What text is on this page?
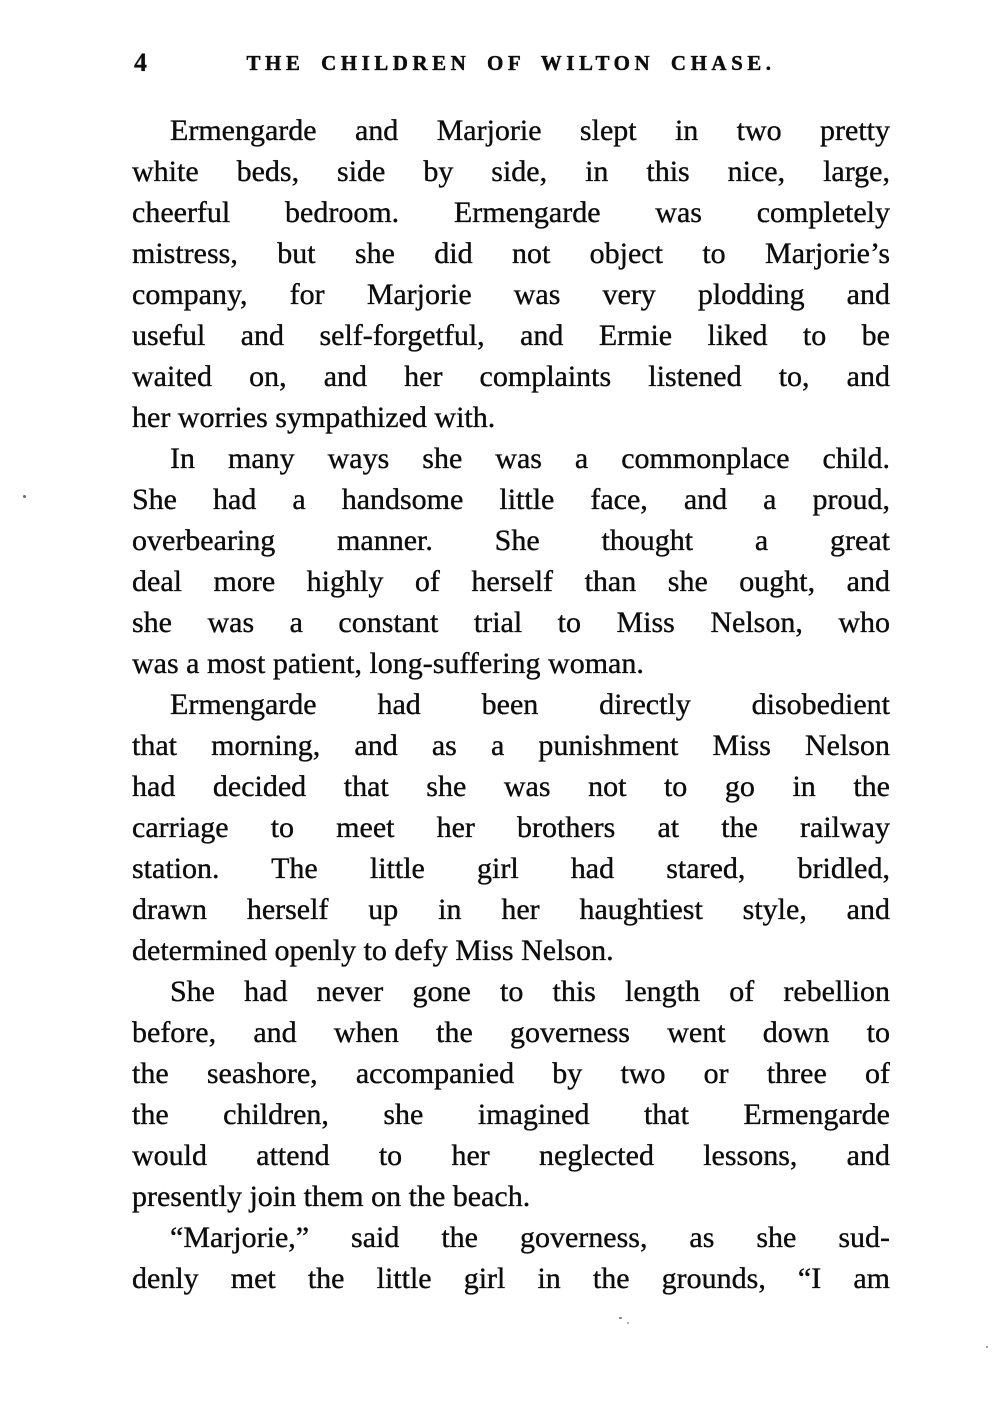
4	THE CHILDREN OF WILTON CHASE.
Ermengarde and Marjorie slept in two pretty
white beds, side by side, in this nice, large,
cheerful bedroom. Ermengarde was completely
mistress, but she did not object to Marjorie’s
company, for Marjorie was very plodding and
useful and self-forgetful, and Ermie liked to be
waited on, and her complaints listened to, and
her worries sympathized with.
In many ways she was a commonplace child.
She had a handsome little face, and a proud,
overbearing manner. She thought a great
deal more highly of herself than she ought, and
she was a constant trial to Miss Nelson, who
was a most patient, long-suffering woman.
Ermengarde had been directly disobedient
that morning, and as a punishment Miss Nelson
had decided that she was not to go in the
carriage to meet her brothers at the railway
station. The little girl had stared, bridled,
drawn herself up in her haughtiest style, and
determined openly to defy Miss Nelson.
She had never gone to this length of rebellion
before, and when the governess went down to
the seashore, accompanied by two or three of
the children, she imagined that Ermengarde
would attend to her neglected lessons, and
presently join them on the beach.
“Marjorie,” said the governess, as she sud-
denly met the little girl in the grounds, “I am
